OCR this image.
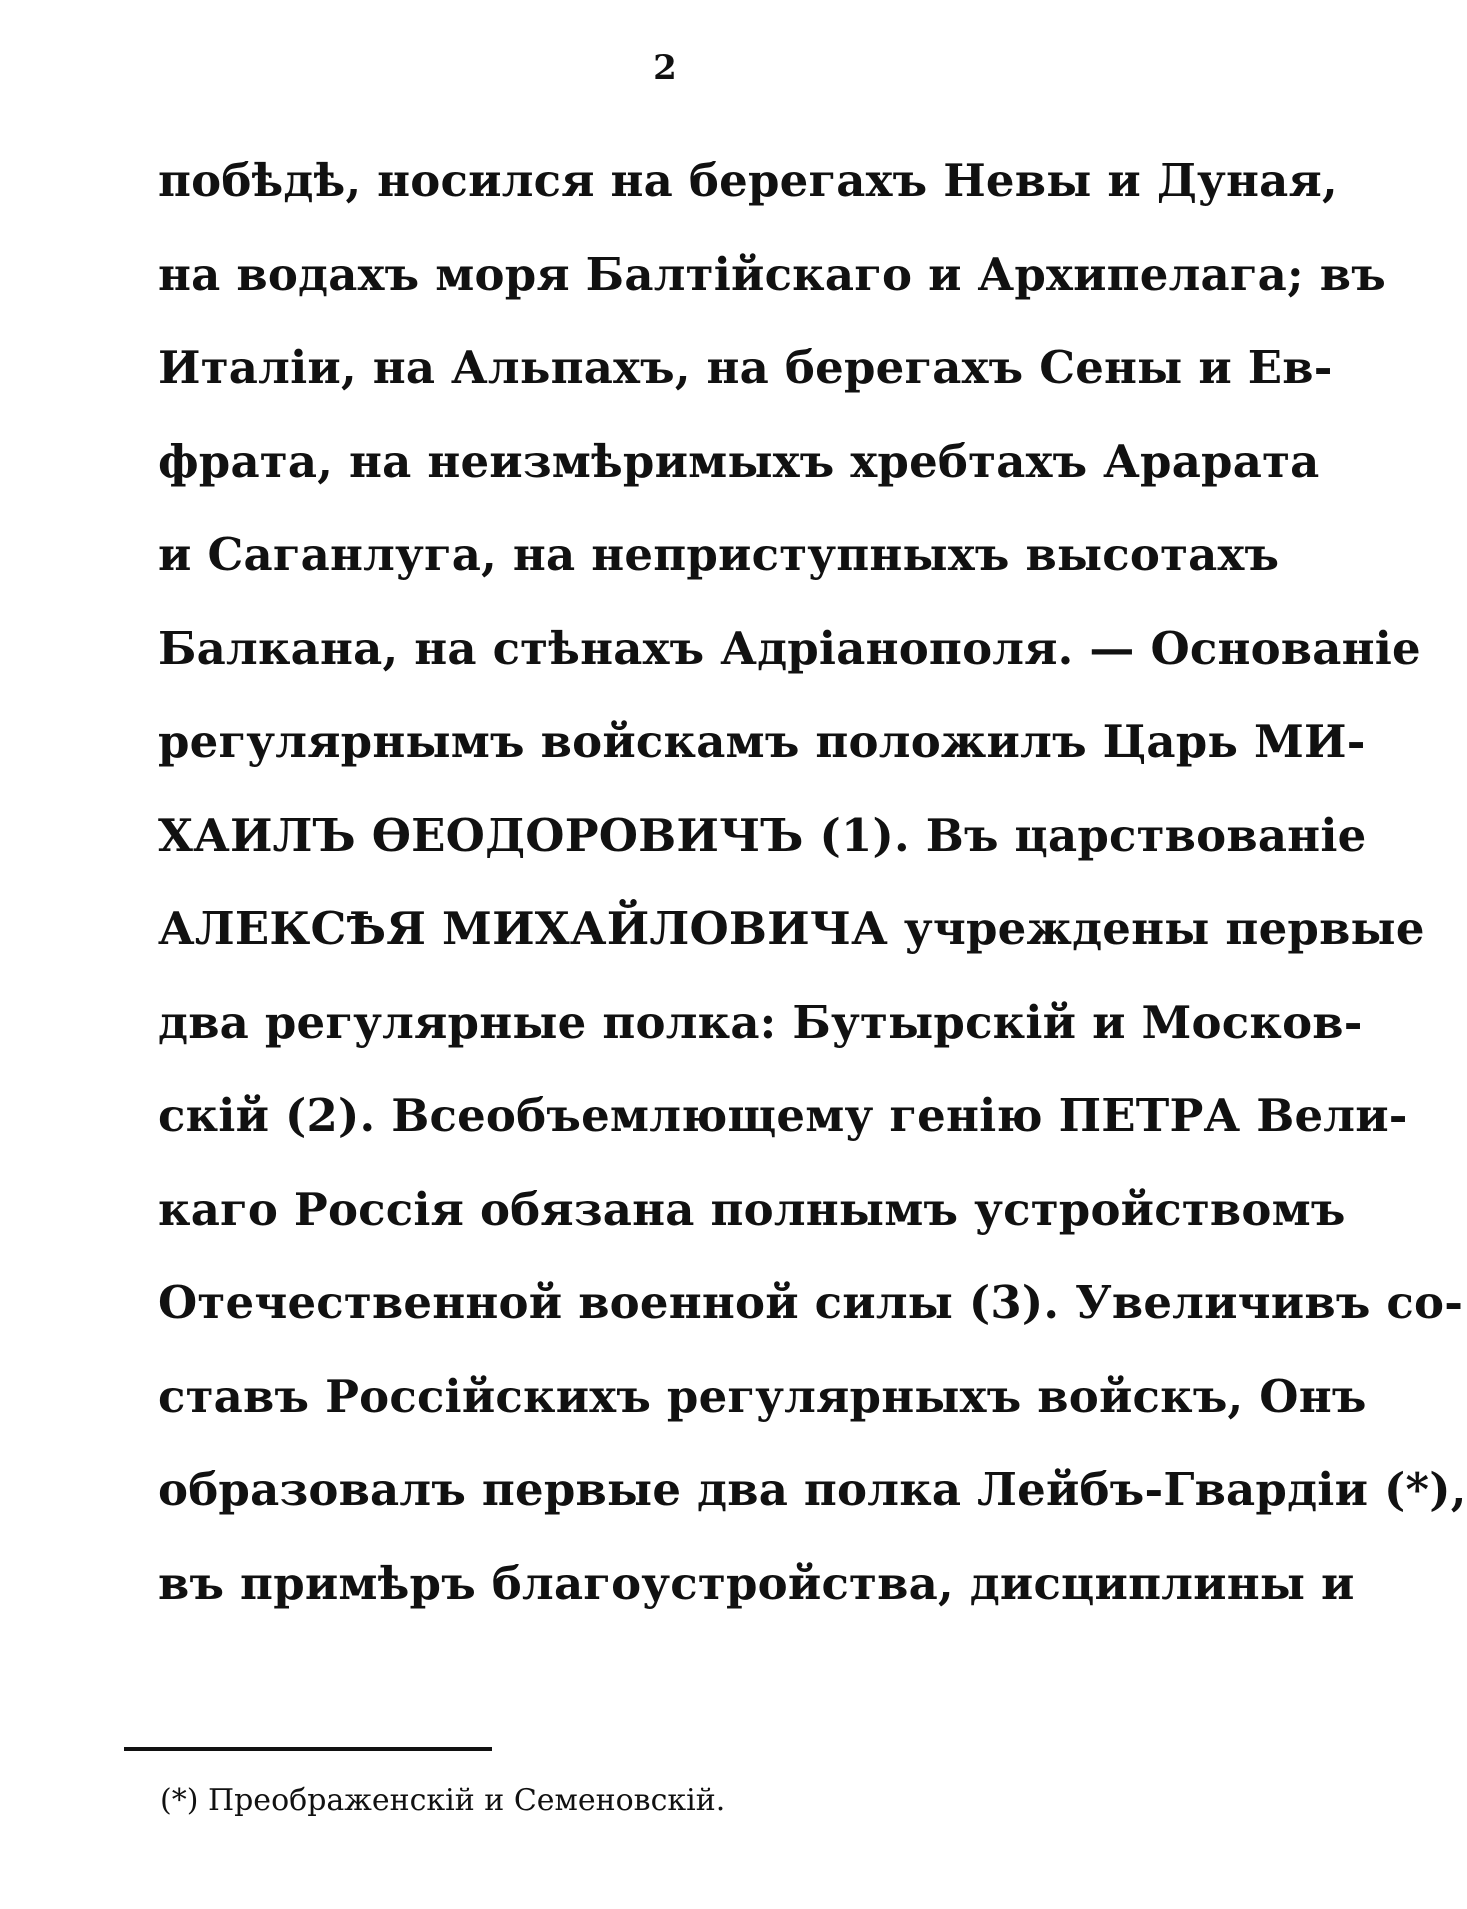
2
побѣдѣ, носился на берегахъ Невы и Дуная,
на водахъ моря Балтійскаго и Архипелага; въ
Италіи, на Альпахъ, на берегахъ Сены и Ев-
фрата, на неизмѣримыхъ хребтахъ Арарата
и Саганлуга, на неприступныхъ высотахъ
Балкана, на стѣнахъ Адріанополя. — Основаніе
регулярнымъ войскамъ положилъ Царь МИ-
ХАИЛЪ ѲЕОДОРОВИЧЪ (1). Въ царствованіе
АЛЕКСѢЯ МИХАЙЛОВИЧА учреждены первые
два регулярные полка: Бутырскій и Москов-
скій (2). Всеобъемлющему генію ПЕТРА Вели-
каго Россія обязана полнымъ устройствомъ
Отечественной военной силы (3). Увеличивъ со-
ставъ Россійскихъ регулярныхъ войскъ, Онъ
образовалъ первые два полка Лейбъ-Гвардіи (*),
въ примѣръ благоустройства, дисциплины и
(*) Преображенскій и Семеновскій.
